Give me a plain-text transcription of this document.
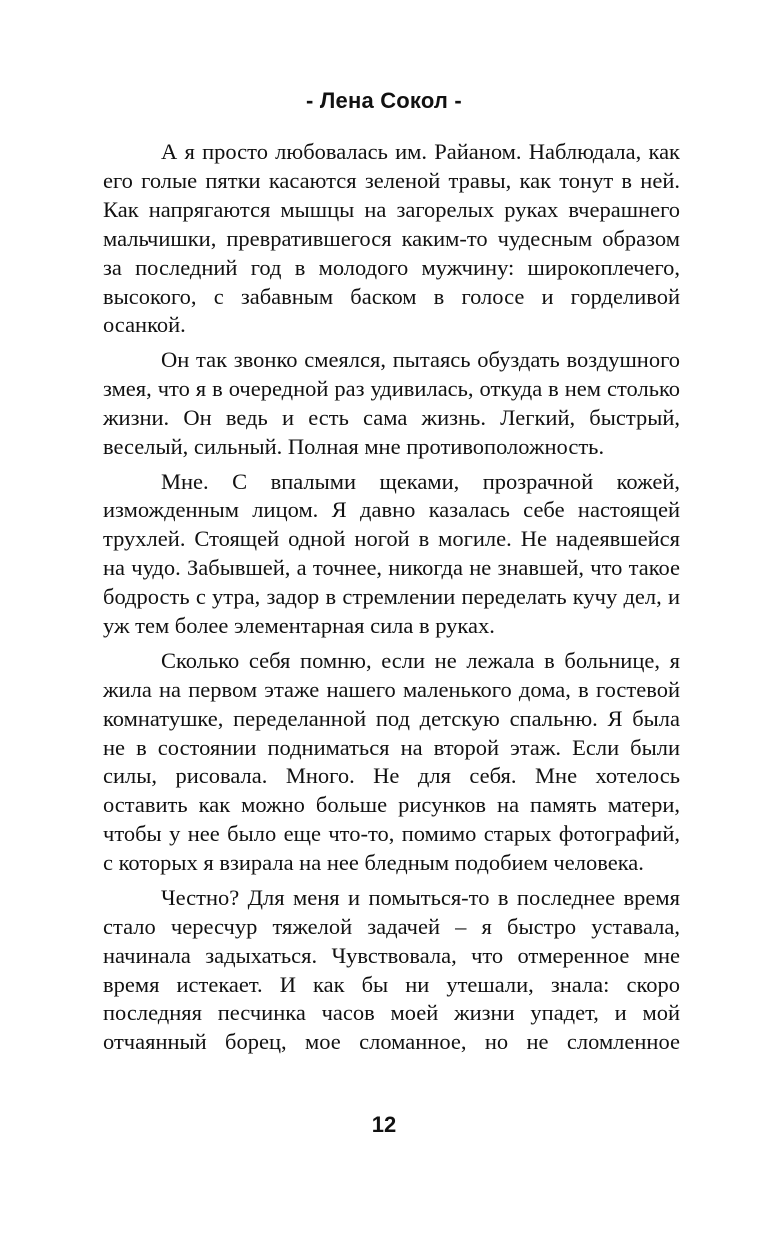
- Лена Сокол -

А я просто любовалась им. Райаном. Наблюдала, как его голые пятки касаются зеленой травы, как тонут в ней. Как напрягаются мышцы на загорелых руках вчерашнего мальчишки, превратившегося каким-то чудесным образом за последний год в молодого мужчину: широкоплечего, высокого, с забавным баском в голосе и горделивой осанкой.

Он так звонко смеялся, пытаясь обуздать воздушного змея, что я в очередной раз удивилась, откуда в нем столько жизни. Он ведь и есть сама жизнь. Легкий, быстрый, веселый, сильный. Полная мне противоположность.

Мне. С впалыми щеками, прозрачной кожей, изможденным лицом. Я давно казалась себе настоящей трухлей. Стоящей одной ногой в могиле. Не надеявшейся на чудо. Забывшей, а точнее, никогда не знавшей, что такое бодрость с утра, задор в стремлении переделать кучу дел, и уж тем более элементарная сила в руках.

Сколько себя помню, если не лежала в больнице, я жила на первом этаже нашего маленького дома, в гостевой комнатушке, переделанной под детскую спальню. Я была не в состоянии подниматься на второй этаж. Если были силы, рисовала. Много. Не для себя. Мне хотелось оставить как можно больше рисунков на память матери, чтобы у нее было еще что-то, помимо старых фотографий, с которых я взирала на нее бледным подобием человека.

Честно? Для меня и помыться-то в последнее время стало чересчур тяжелой задачей – я быстро уставала, начинала задыхаться. Чувствовала, что отмеренное мне время истекает. И как бы ни утешали, знала: скоро последняя песчинка часов моей жизни упадет, и мой отчаянный борец, мое сломанное, но не сломленное

12
